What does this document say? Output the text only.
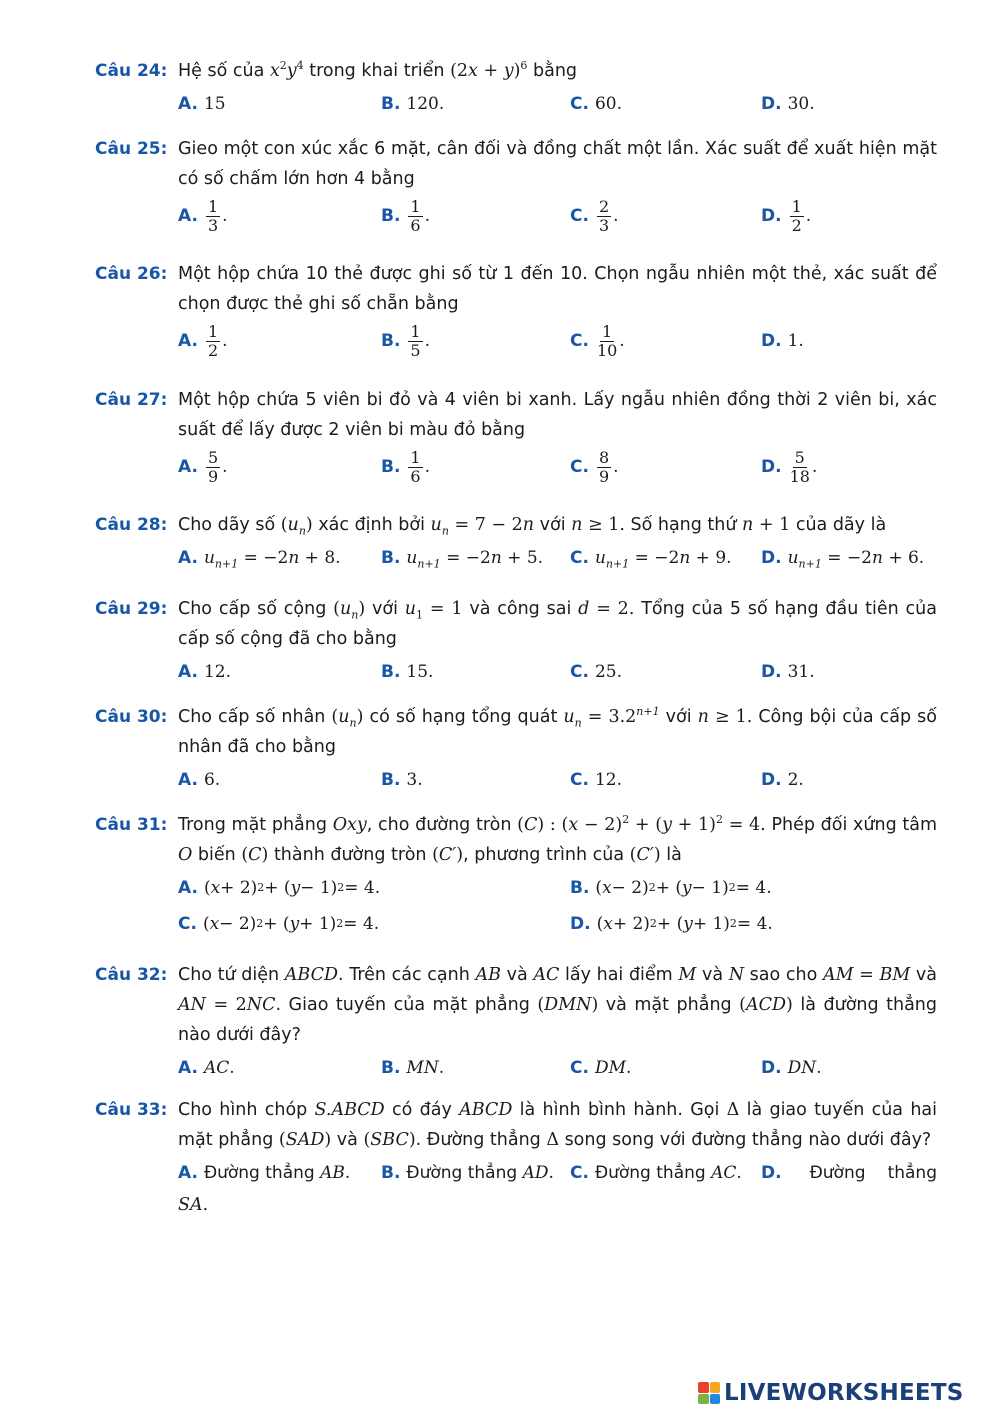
Câu 24: Hệ số của $x^2y^4$ trong khai triển $(2x + y)^6$ bằng
A. 15	B. 120.	C. 60.	D. 30.
Câu 25: Gieo một con xúc xắc 6 mặt, cân đối và đồng chất một lần. Xác suất để xuất hiện mặt có số chấm lớn hơn 4 bằng
A. $\frac{1}{3}$ .	B. $\frac{1}{6}$ .	C. $\frac{2}{3}$ .	D. $\frac{1}{2}$ .
Câu 26: Một hộp chứa 10 thẻ được ghi số từ 1 đến 10. Chọn ngẫu nhiên một thẻ, xác suất để chọn được thẻ ghi số chẵn bằng
A. $\frac{1}{2}$ .	B. $\frac{1}{5}$ .	C. $\frac{1}{10}$ .	D. 1.
Câu 27: Một hộp chứa 5 viên bi đỏ và 4 viên bi xanh. Lấy ngẫu nhiên đồng thời 2 viên bi, xác suất để lấy được 2 viên bi màu đỏ bằng
A. $\frac{5}{9}$ .	B. $\frac{1}{6}$ .	C. $\frac{8}{9}$ .	D. $\frac{5}{18}$ .
Câu 28: Cho dãy số $(u_n)$ xác định bởi $u_n = 7 - 2n$ với n ≥ 1. Số hạng thứ n + 1 của dãy là
A. $u_{n+1} = -2$ n + 8. B. $u_{n+1} = -2$ n + 5. C. $u_{n+1} = -2$ n + 9. D. $u_{n+1} = -2$ n + 6.
Câu 29: Cho cấp số cộng $(u_n)$ với $u_1 = 1$ và công sai d = 2. Tổng của 5 số hạng đầu tiên của cấp số cộng đã cho bằng
A. 12.	B. 15.	C. 25.	D. 31.
Câu 30: Cho cấp số nhân $(u_n)$ có số hạng tổng quát $u_n = 3.2^{n+1}$ với n ≥ 1. Công bội của cấp số nhân đã cho bằng
A. 6.	B. 3.	C. 12.	D. 2.
Câu 31: Trong mặt phẳng Oxy, cho đường tròn (C) : $(x - 2)^2 + (y + 1)^2 = 4$. Phép đối xứng tâm O biến (C) thành đường tròn (C′), phương trình của (C′) là
A. ( x + 2) 2 + ( y − 1) 2 = 4.	B. ( x − 2) 2 + ( y − 1) 2 = 4.
C. ( x − 2) 2 + ( y + 1) 2 = 4.	D. ( x + 2) 2 + ( y + 1) 2 = 4.
Câu 32: Cho tứ diện ABCD. Trên các cạnh AB và AC lấy hai điểm M và N sao cho AM = BM và AN = 2NC. Giao tuyến của mặt phẳng (DMN) và mặt phẳng (ACD) là đường thẳng nào dưới đây?
A. AC .	B. MN .	C. DM .	D. DN .
Câu 33: Cho hình chóp S.ABCD có đáy ABCD là hình bình hành. Gọi Δ là giao tuyến của hai mặt phẳng (SAD) và (SBC). Đường thẳng Δ song song với đường thẳng nào dưới đây?
A. Đường thẳng
AB . B. Đường thẳng
AD . C. Đường thẳng
AC . D. Đường thẳng
SA.
LIVEWORKSHEETS
